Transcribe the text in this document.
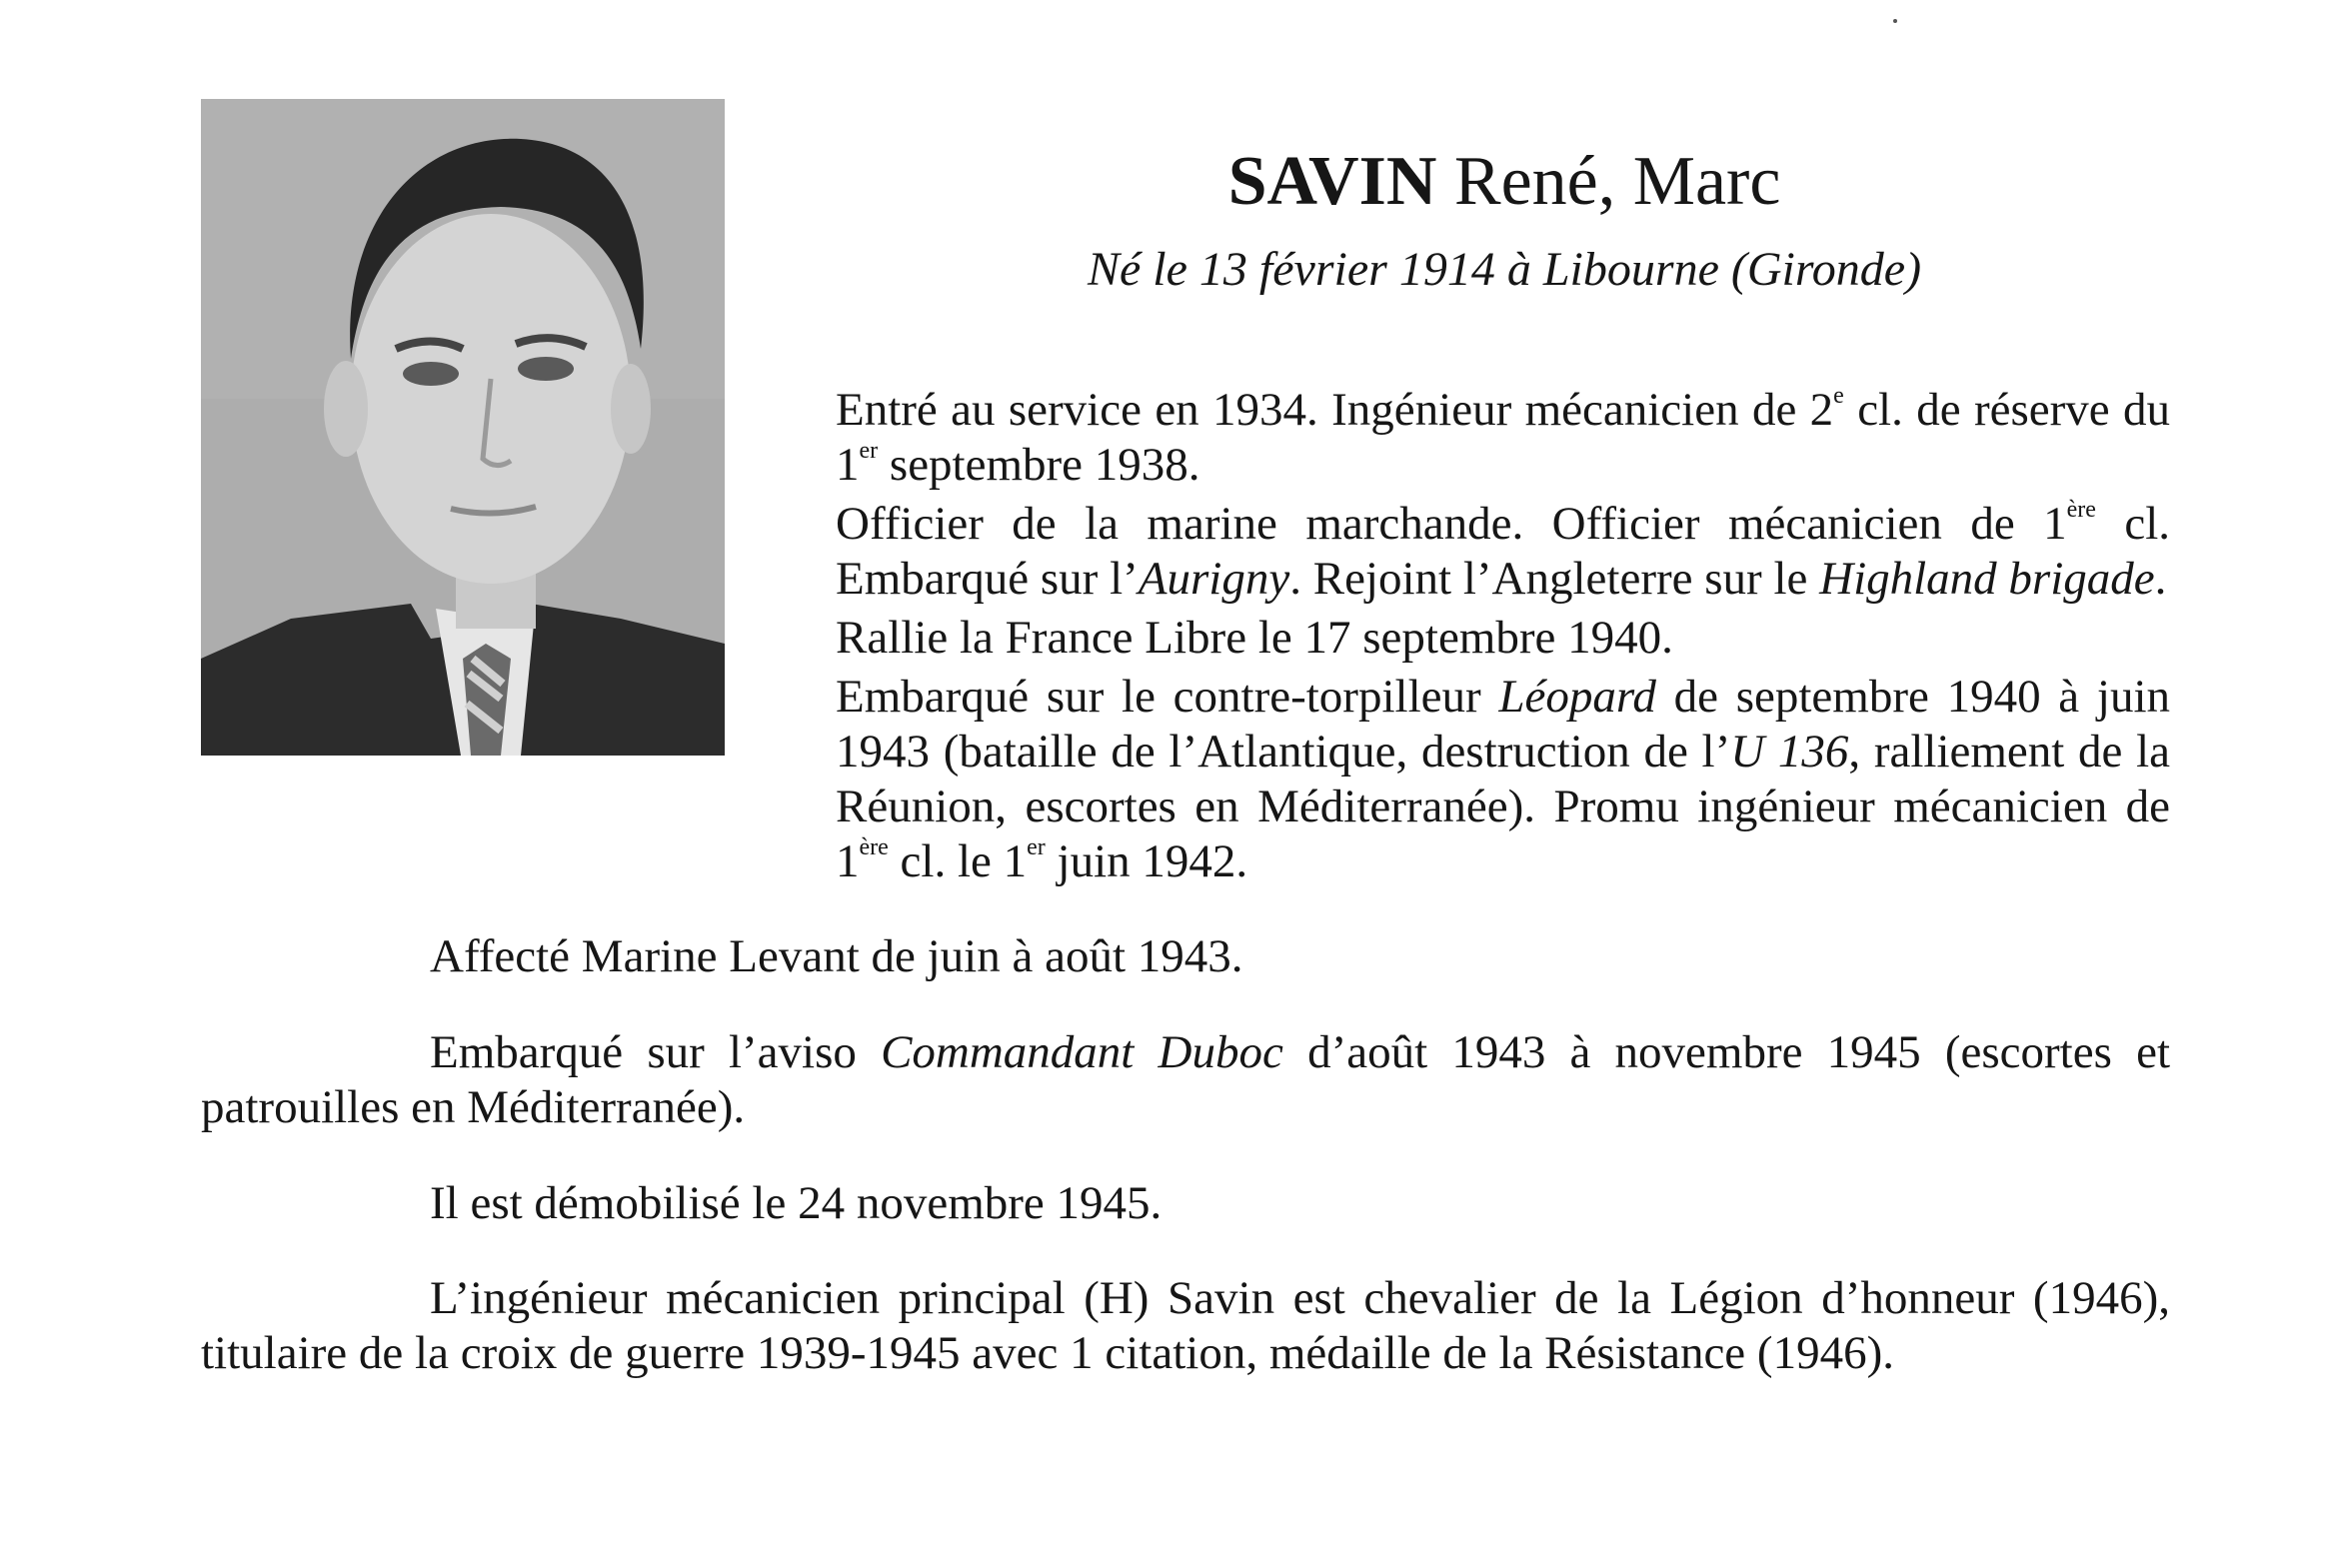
SAVIN René, Marc
Né le 13 février 1914 à Libourne (Gironde)

Entré au service en 1934. Ingénieur mécanicien de 2e cl. de réserve du 1er septembre 1938.

Officier de la marine marchande. Officier mécanicien de 1ère cl. Embarqué sur l’Aurigny. Rejoint l’Angleterre sur le Highland brigade.

Rallie la France Libre le 17 septembre 1940.

Embarqué sur le contre-torpilleur Léopard de septembre 1940 à juin 1943 (bataille de l’Atlantique, destruction de l’U 136, ralliement de la Réunion, escortes en Méditerranée). Promu ingénieur mécanicien de 1ère cl. le 1er juin 1942.

Affecté Marine Levant de juin à août 1943.

Embarqué sur l’aviso Commandant Duboc d’août 1943 à novembre 1945 (escortes et patrouilles en Méditerranée).

Il est démobilisé le 24 novembre 1945.

L’ingénieur mécanicien principal (H) Savin est chevalier de la Légion d’honneur (1946), titulaire de la croix de guerre 1939-1945 avec 1 citation, médaille de la Résistance (1946).
